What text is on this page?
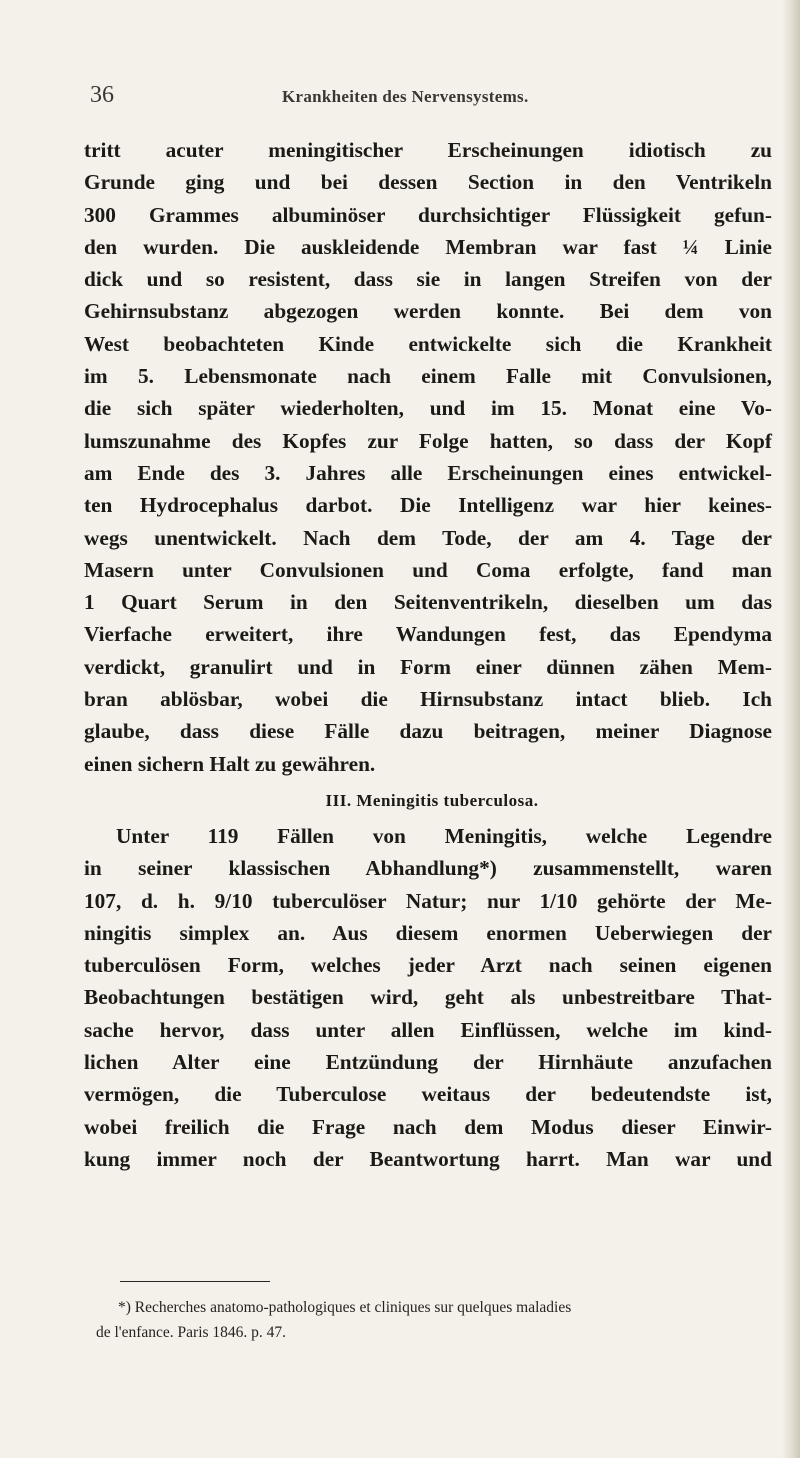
36	Krankheiten des Nervensystems.
tritt acuter meningitischer Erscheinungen idiotisch zu
Grunde ging und bei dessen Section in den Ventrikeln
300 Grammes albuminöser durchsichtiger Flüssigkeit gefun-
den wurden. Die auskleidende Membran war fast ¼ Linie
dick und so resistent, dass sie in langen Streifen von der
Gehirnsubstanz abgezogen werden konnte. Bei dem von
West beobachteten Kinde entwickelte sich die Krankheit
im 5. Lebensmonate nach einem Falle mit Convulsionen,
die sich später wiederholten, und im 15. Monat eine Vo-
lumszunahme des Kopfes zur Folge hatten, so dass der Kopf
am Ende des 3. Jahres alle Erscheinungen eines entwickel-
ten Hydrocephalus darbot. Die Intelligenz war hier keines-
wegs unentwickelt. Nach dem Tode, der am 4. Tage der
Masern unter Convulsionen und Coma erfolgte, fand man
1 Quart Serum in den Seitenventrikeln, dieselben um das
Vierfache erweitert, ihre Wandungen fest, das Ependyma
verdickt, granulirt und in Form einer dünnen zähen Mem-
bran ablösbar, wobei die Hirnsubstanz intact blieb. Ich
glaube, dass diese Fälle dazu beitragen, meiner Diagnose
einen sichern Halt zu gewähren.
III. Meningitis tuberculosa.
Unter 119 Fällen von Meningitis, welche Legendre
in seiner klassischen Abhandlung*) zusammenstellt, waren
107, d. h. 9/10 tuberculöser Natur; nur 1/10 gehörte der Me-
ningitis simplex an. Aus diesem enormen Ueberwiegen der
tuberculösen Form, welches jeder Arzt nach seinen eigenen
Beobachtungen bestätigen wird, geht als unbestreitbare That-
sache hervor, dass unter allen Einflüssen, welche im kind-
lichen Alter eine Entzündung der Hirnhäute anzufachen
vermögen, die Tuberculose weitaus der bedeutendste ist,
wobei freilich die Frage nach dem Modus dieser Einwir-
kung immer noch der Beantwortung harrt. Man war und
*) Recherches anatomo-pathologiques et cliniques sur quelques maladies
de l'enfance. Paris 1846. p. 47.
